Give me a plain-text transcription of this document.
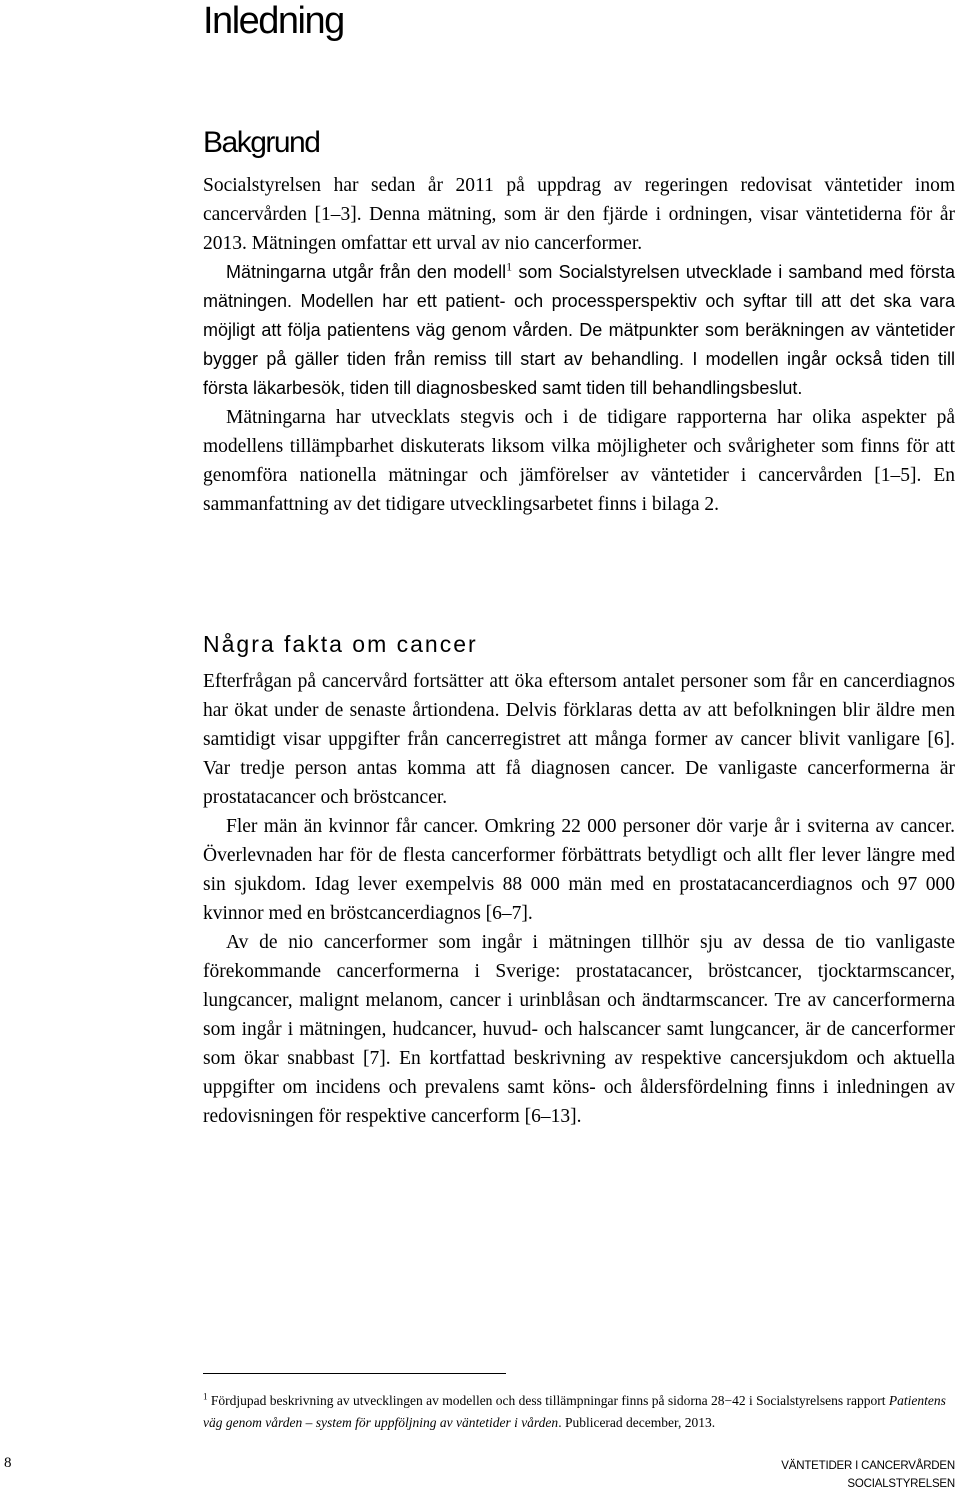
Inledning
Bakgrund

Socialstyrelsen har sedan år 2011 på uppdrag av regeringen redovisat väntetider inom cancervården [1–3]. Denna mätning, som är den fjärde i ordningen, visar väntetiderna för år 2013. Mätningen omfattar ett urval av nio cancerformer.

Mätningarna utgår från den modell$^1$ som Socialstyrelsen utvecklade i samband med första mätningen. Modellen har ett patient- och processperspektiv och syftar till att det ska vara möjligt att följa patientens väg genom vården. De mätpunkter som beräkningen av väntetider bygger på gäller tiden från remiss till start av behandling. I modellen ingår också tiden till första läkarbesök, tiden till diagnosbesked samt tiden till behandlingsbeslut.

Mätningarna har utvecklats stegvis och i de tidigare rapporterna har olika aspekter på modellens tillämpbarhet diskuterats liksom vilka möjligheter och svårigheter som finns för att genomföra nationella mätningar och jämförelser av väntetider i cancervården [1–5]. En sammanfattning av det tidigare utvecklingsarbetet finns i bilaga 2.

Några fakta om cancer

Efterfrågan på cancervård fortsätter att öka eftersom antalet personer som får en cancerdiagnos har ökat under de senaste årtiondena. Delvis förklaras detta av att befolkningen blir äldre men samtidigt visar uppgifter från cancerregistret att många former av cancer blivit vanligare [6]. Var tredje person antas komma att få diagnosen cancer. De vanligaste cancerformerna är prostatacancer och bröstcancer.

Fler män än kvinnor får cancer. Omkring 22 000 personer dör varje år i sviterna av cancer. Överlevnaden har för de flesta cancerformer förbättrats betydligt och allt fler lever längre med sin sjukdom. Idag lever exempelvis 88 000 män med en prostatacancerdiagnos och 97 000 kvinnor med en bröstcancerdiagnos [6–7].

Av de nio cancerformer som ingår i mätningen tillhör sju av dessa de tio vanligaste förekommande cancerformerna i Sverige: prostatacancer, bröstcancer, tjocktarmscancer, lungcancer, malignt melanom, cancer i urinblåsan och ändtarmscancer. Tre av cancerformerna som ingår i mätningen, hudcancer, huvud- och halscancer samt lungcancer, är de cancerformer som ökar snabbast [7]. En kortfattad beskrivning av respektive cancersjukdom och aktuella uppgifter om incidens och prevalens samt köns- och åldersfördelning finns i inledningen av redovisningen för respektive cancerform [6–13].

$^1$ Fördjupad beskrivning av utvecklingen av modellen och dess tillämpningar finns på sidorna 28−42 i Socialstyrelsens rapport Patientens väg genom vården – system för uppföljning av väntetider i vården. Publicerad december, 2013.
8	VÄNTETIDER I CANCERVÅRDEN
SOCIALSTYRELSEN
